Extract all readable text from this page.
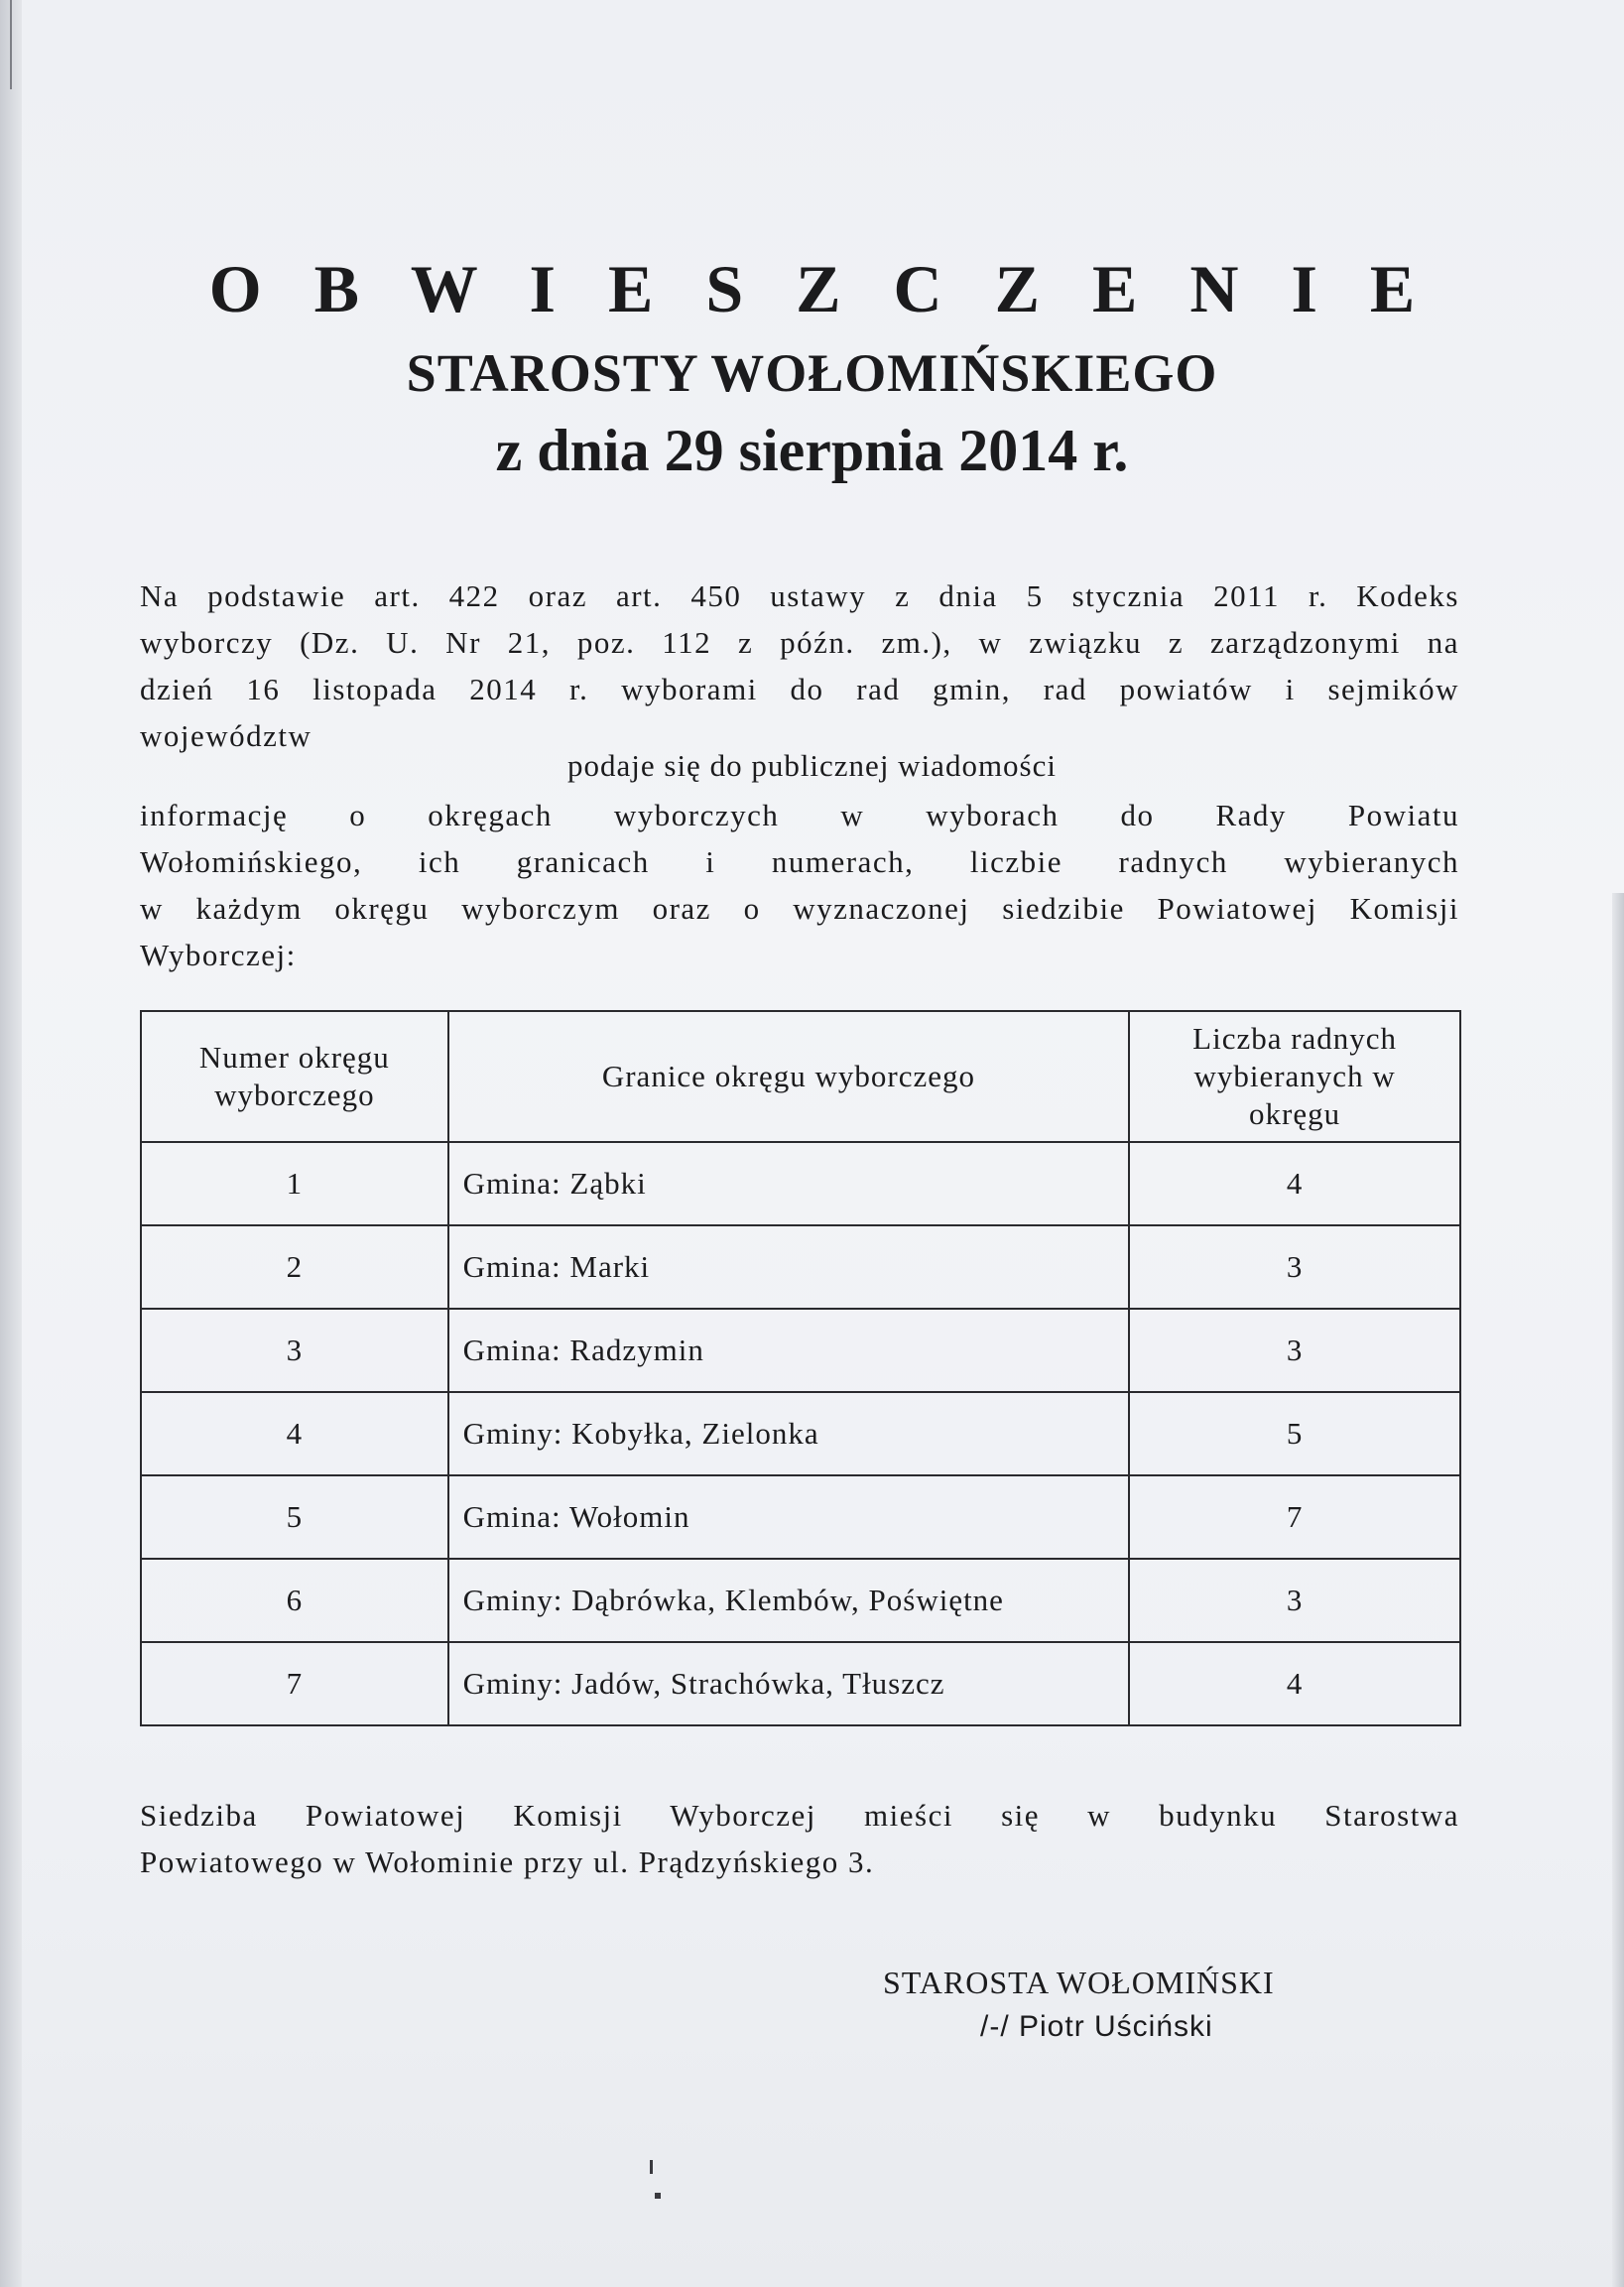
O B W I E S Z C Z E N I E
STAROSTY WOŁOMIŃSKIEGO
z dnia 29 sierpnia 2014 r.
Na podstawie art. 422 oraz art. 450 ustawy z dnia 5 stycznia 2011 r. Kodeks
wyborczy (Dz. U. Nr 21, poz. 112 z późn. zm.), w związku z zarządzonymi na
dzień 16 listopada 2014 r. wyborami do rad gmin, rad powiatów i sejmików
województw
podaje się do publicznej wiadomości
informację o okręgach wyborczych w wyborach do Rady Powiatu
Wołomińskiego, ich granicach i numerach, liczbie radnych wybieranych
w każdym okręgu wyborczym oraz o wyznaczonej siedzibie Powiatowej Komisji
Wyborczej:
Numer okręgu wyborczego	Granice okręgu wyborczego	Liczba radnych wybieranych w okręgu
1	Gmina: Ząbki	4
2	Gmina: Marki	3
3	Gmina: Radzymin	3
4	Gminy: Kobyłka, Zielonka	5
5	Gmina: Wołomin	7
6	Gminy: Dąbrówka, Klembów, Poświętne	3
7	Gminy: Jadów, Strachówka, Tłuszcz	4
Siedziba Powiatowej Komisji Wyborczej mieści się w budynku Starostwa
Powiatowego w Wołominie przy ul. Prądzyńskiego 3.
STAROSTA WOŁOMIŃSKI
/-/ Piotr Uściński
